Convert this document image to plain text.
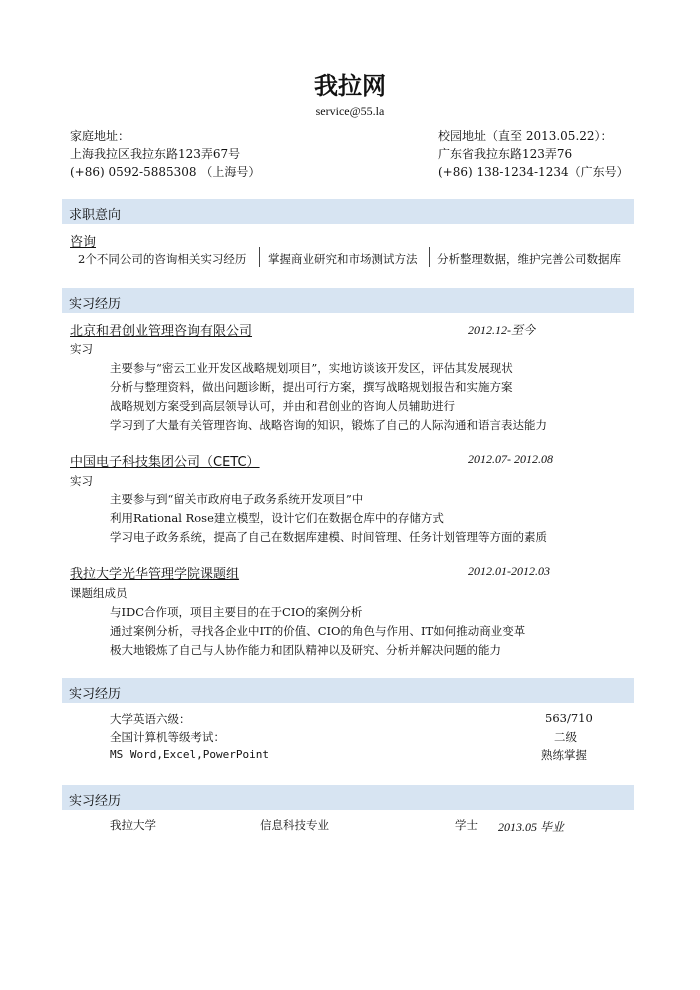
我拉网
service@55.la
家庭地址：
上海我拉区我拉东路123弄67号
(+86) 0592-5885308 （上海号）
校园地址（直至 2013.05.22）：
广东省我拉东路123弄76
(+86) 138-1234-1234（广东号）
求职意向
咨询
2个不同公司的咨询相关实习经历 掌握商业研究和市场测试方法 分析整理数据，维护完善公司数据库
实习经历
北京和君创业管理咨询有限公司	2012.12-至今
实习
主要参与“密云工业开发区战略规划项目”，实地访谈该开发区，评估其发展现状
分析与整理资料，做出问题诊断，提出可行方案，撰写战略规划报告和实施方案
战略规划方案受到高层领导认可，并由和君创业的咨询人员辅助进行
学习到了大量有关管理咨询、战略咨询的知识，锻炼了自己的人际沟通和语言表达能力
中国电子科技集团公司（CETC）	2012.07- 2012.08
实习
主要参与到“留关市政府电子政务系统开发项目”中
利用Rational Rose建立模型，设计它们在数据仓库中的存储方式
学习电子政务系统，提高了自己在数据库建模、时间管理、任务计划管理等方面的素质
我拉大学光华管理学院课题组	2012.01-2012.03
课题组成员
与IDC合作项，项目主要目的在于CIO的案例分析
通过案例分析，寻找各企业中IT的价值、CIO的角色与作用、IT如何推动商业变革
极大地锻炼了自己与人协作能力和团队精神以及研究、分析并解决问题的能力
实习经历
大学英语六级：	563/710
全国计算机等级考试：	二级
MS Word,Excel,PowerPoint	熟练掌握
实习经历
我拉大学	信息科技专业	学士 2013.05 毕业
